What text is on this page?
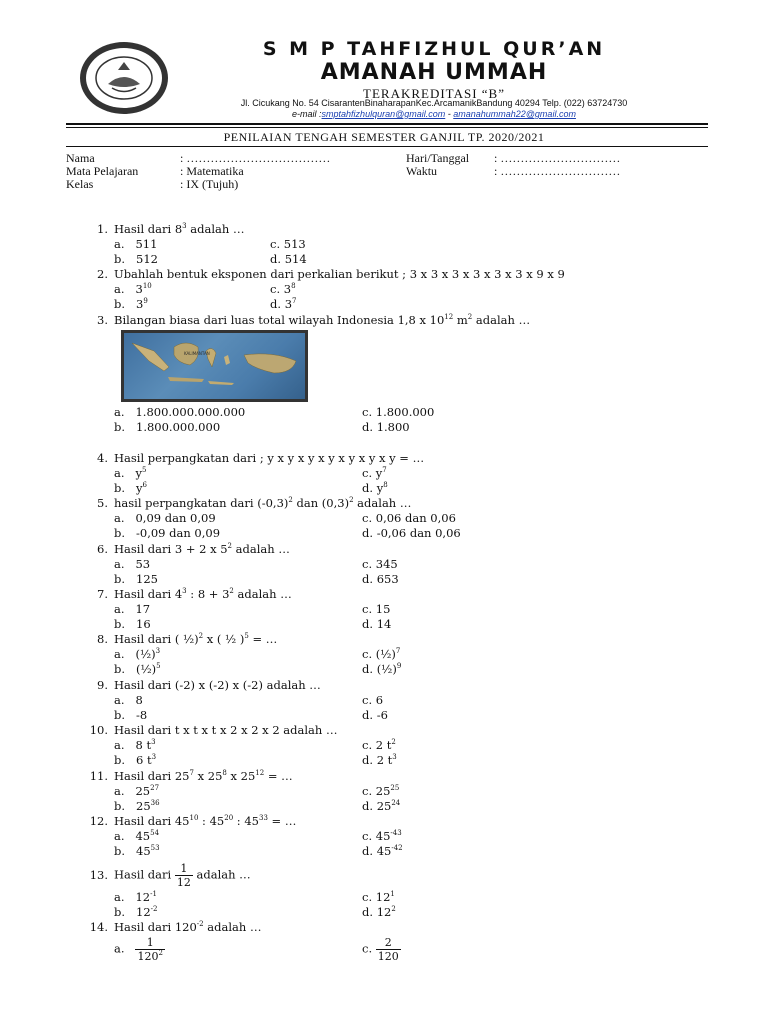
S M P TAHFIZHUL QUR’AN
AMANAH UMMAH
TERAKREDITASI “B”
Jl. Cicukang No. 54 CisarantenBinaharapanKec.ArcamanikBandung 40294 Telp. (022) 63724730
e-mail :smptahfizhulquran@gmail.com - amanahummah22@gmail.com
PENILAIAN TENGAH SEMESTER GANJIL TP. 2020/2021
Nama	: ………………………………
Mata Pelajaran	: Matematika
Kelas	: IX (Tujuh)
Hari/Tanggal : …………………………
Waktu	: …………………………
1. Hasil dari $8^3$ adalah …
a. 511
b. 512
c. 513
d. 514
2. Ubahlah bentuk eksponen dari perkalian berikut ; 3 x 3 x 3 x 3 x 3 x 3 x 9 x 9
a. $3^{10}$
b. $3^9$
c. $3^8$
d. $3^7$
3. Bilangan biasa dari luas total wilayah Indonesia 1,8 x $10^{12}$ $m^2$ adalah …
KALIMANTAN
a. 1.800.000.000.000
b. 1.800.000.000
c. 1.800.000
d. 1.800
4. Hasil perpangkatan dari ; y x y x y x y x y x y x y = …
a. $y^5$
b. $y^6$
c. $y^7$
d. $y^8$
5. hasil perpangkatan dari $(-0,3)^2$ dan $(0,3)^2$ adalah …
a. 0,09 dan 0,09
b. -0,09 dan 0,09
c. 0,06 dan 0,06
d. -0,06 dan 0,06
6. Hasil dari 3 + 2 x $5^2$ adalah …
a. 53
b. 125
c. 345
d. 653
7. Hasil dari $4^3$ : $8 + 3^2$ adalah …
a. 17
b. 16
c. 15
d. 14
8. Hasil dari ( ½)$^2$ x ( ½ )$^5$ = …
a. (½)$^3$
b. (½)$^5$
c. (½)$^7$
d. (½)$^9$
9. Hasil dari (-2) x (-2) x (-2) adalah …
a. 8
b. -8
c. 6
d. -6
10. Hasil dari t x t x t x 2 x 2 x 2 adalah …
a. 8 $t^3$
b. 6 $t^3$
c. 2 $t^2$
d. 2 $t^3$
11. Hasil dari $25^7$ x $25^8$ x $25^{12}$ = …
a. $25^{27}$
b. $25^{36}$
c. $25^{25}$
d. $25^{24}$
12. Hasil dari $45^{10}$ : $45^{20}$ : $45^{33}$ = …
a. $45^{54}$
b. $45^{53}$
c. $45^{-43}$
d. $45^{-42}$
13. Hasil dari $\frac{1}{12}$ adalah …
a. $12^{-1}$
b. $12^{-2}$
c. $12^1$
d. $12^2$
14. Hasil dari $120^{-2}$ adalah …
a. $\frac{1}{120^2}$	c. $\frac{2}{120}$
